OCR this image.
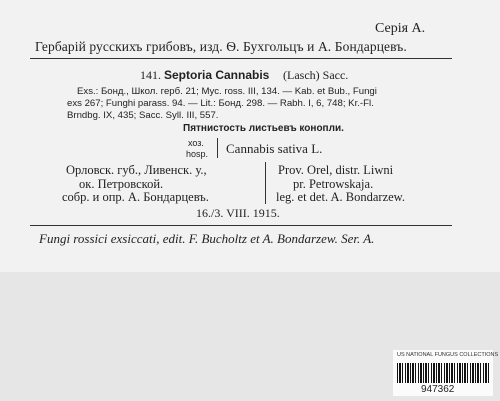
Серія A.
Гербарій русскихъ грибовъ, изд. Ѳ. Бухгольцъ и А. Бондарцевъ.
141. Septoria Cannabis (Lasch) Sacc.
Exs.: Бонд., Школ. герб. 21; Myc. ross. III, 134. — Kab. et Bub., Fungi
exs 267; Funghi parass. 94. — Lit.: Бонд. 298. — Rabh. I, 6, 748; Kr.-Fl.
Brndbg. IX, 435; Sacc. Syll. III, 557.
Пятнистость листьевъ конопли.
хоз.
hosp. Cannabis sativa L.
Орловск. губ., Ливенск. у.,
ок. Петровской.
собр. и опр. А. Бондарцевъ.
Prov. Orel, distr. Liwni
pr. Petrowskaja.
leg. et det. A. Bondarzew.
16./3. VIII. 1915.
Fungi rossici exsiccati, edit. F. Bucholtz et A. Bondarzew. Ser. A.
US NATIONAL FUNGUS COLLECTIONS
947362
